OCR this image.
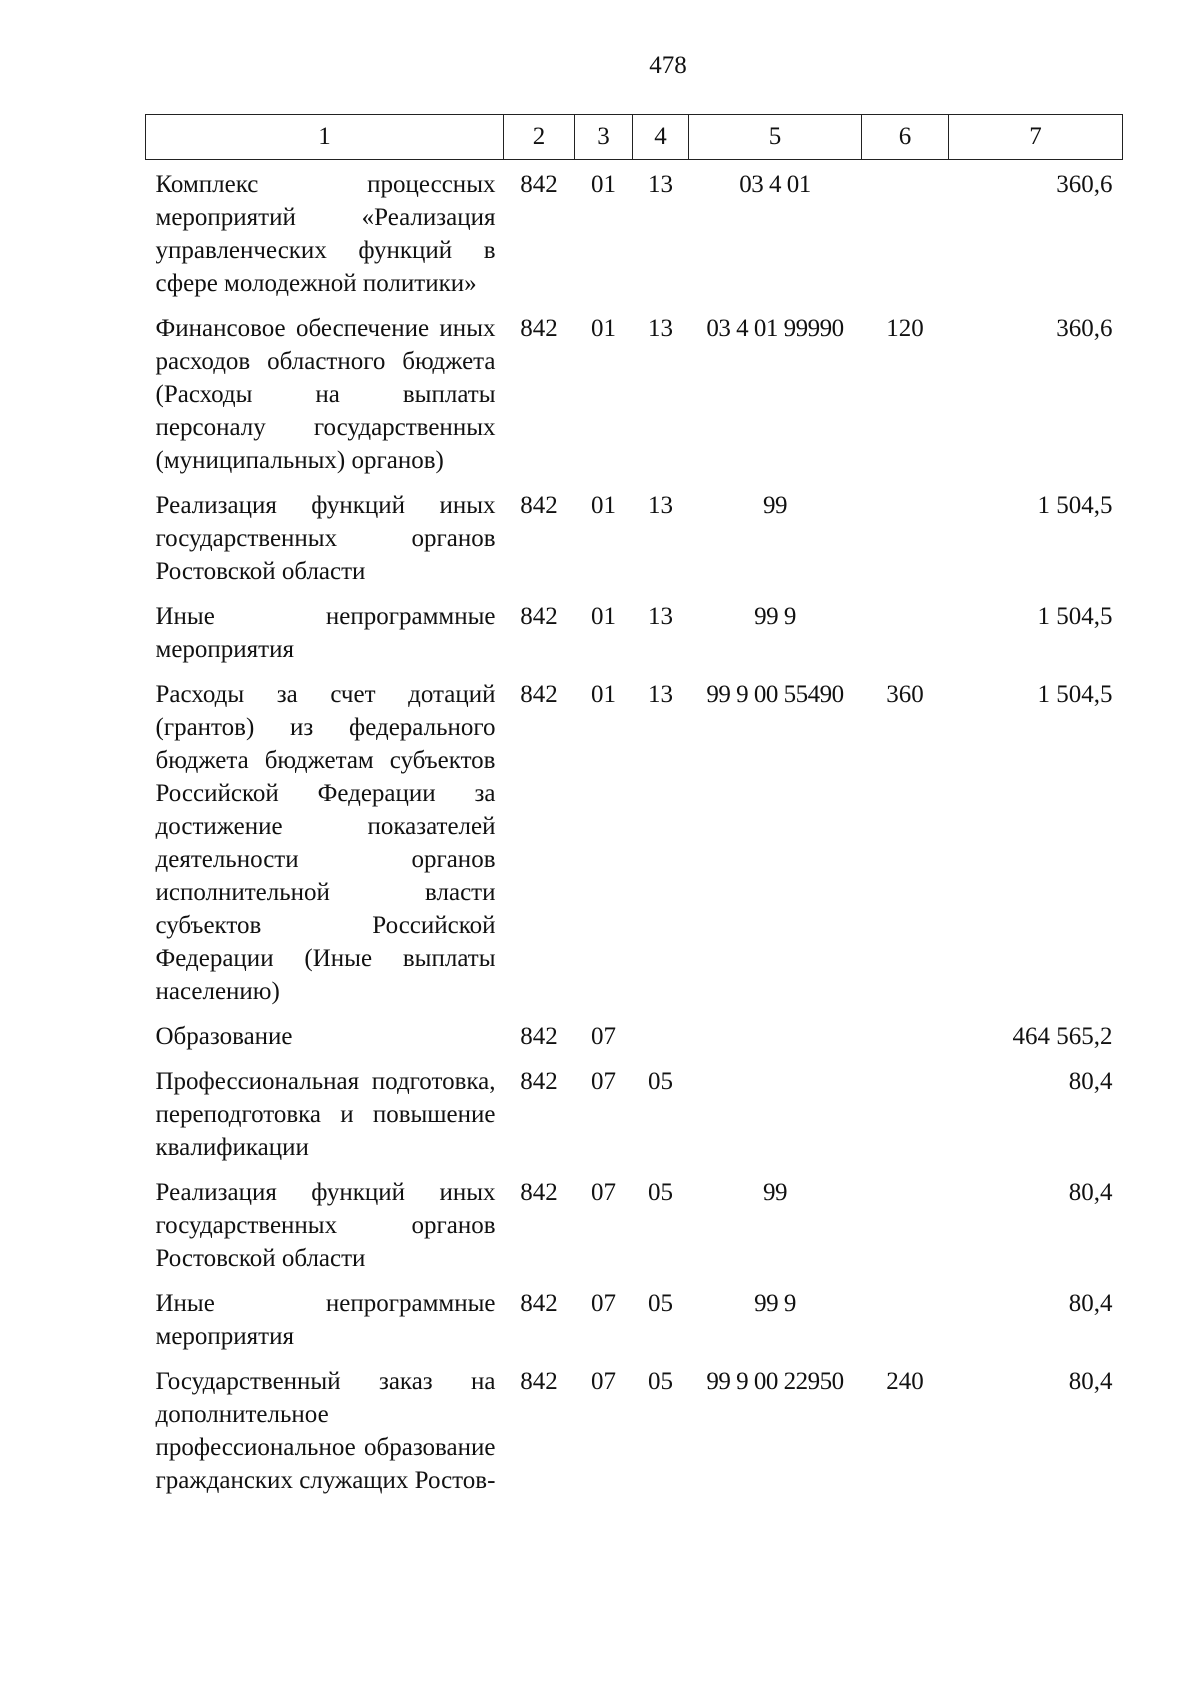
478
1	2	3	4	5	6	7
Комплекс процессных мероприятий «Реализация управленческих функций в сфере молодежной политики»	842	01	13	03 4 01		360,6
Финансовое обеспечение иных расходов областного бюджета (Расходы на выплаты персоналу государственных (муниципальных) органов)	842	01	13	03 4 01 99990	120	360,6
Реализация функций иных государственных органов Ростовской области	842	01	13	99		1 504,5
Иные непрограммные мероприятия	842	01	13	99 9		1 504,5
Расходы за счет дотаций (грантов) из федерального бюджета бюджетам субъектов Российской Федерации за достижение показателей деятельности органов исполнительной власти субъектов Российской Федерации (Иные выплаты населению)	842	01	13	99 9 00 55490	360	1 504,5
Образование	842	07				464 565,2
Профессиональная подготовка, переподготовка и повышение квалификации	842	07	05			80,4
Реализация функций иных государственных органов Ростовской области	842	07	05	99		80,4
Иные непрограммные мероприятия	842	07	05	99 9		80,4
Государственный заказ на дополнительное профессиональное образование гражданских служащих Ростов-	842	07	05	99 9 00 22950	240	80,4
